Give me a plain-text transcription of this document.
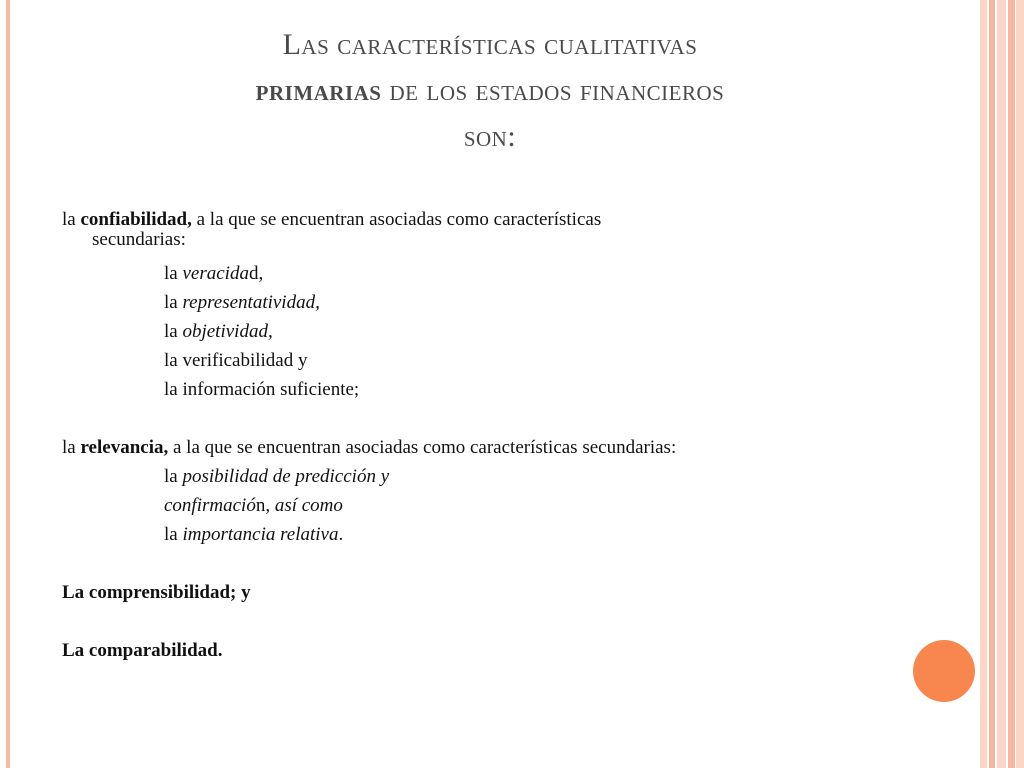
Las características cualitativas
primarias de los estados financieros
son:
la confiabilidad, a la que se encuentran asociadas como características
secundarias:
la veracidad,
la representatividad,
la objetividad,
la verificabilidad y
la información suficiente;
la relevancia, a la que se encuentran asociadas como características secundarias:
la posibilidad de predicción y
confirmación, así como
la importancia relativa.
La comprensibilidad; y
La comparabilidad.
